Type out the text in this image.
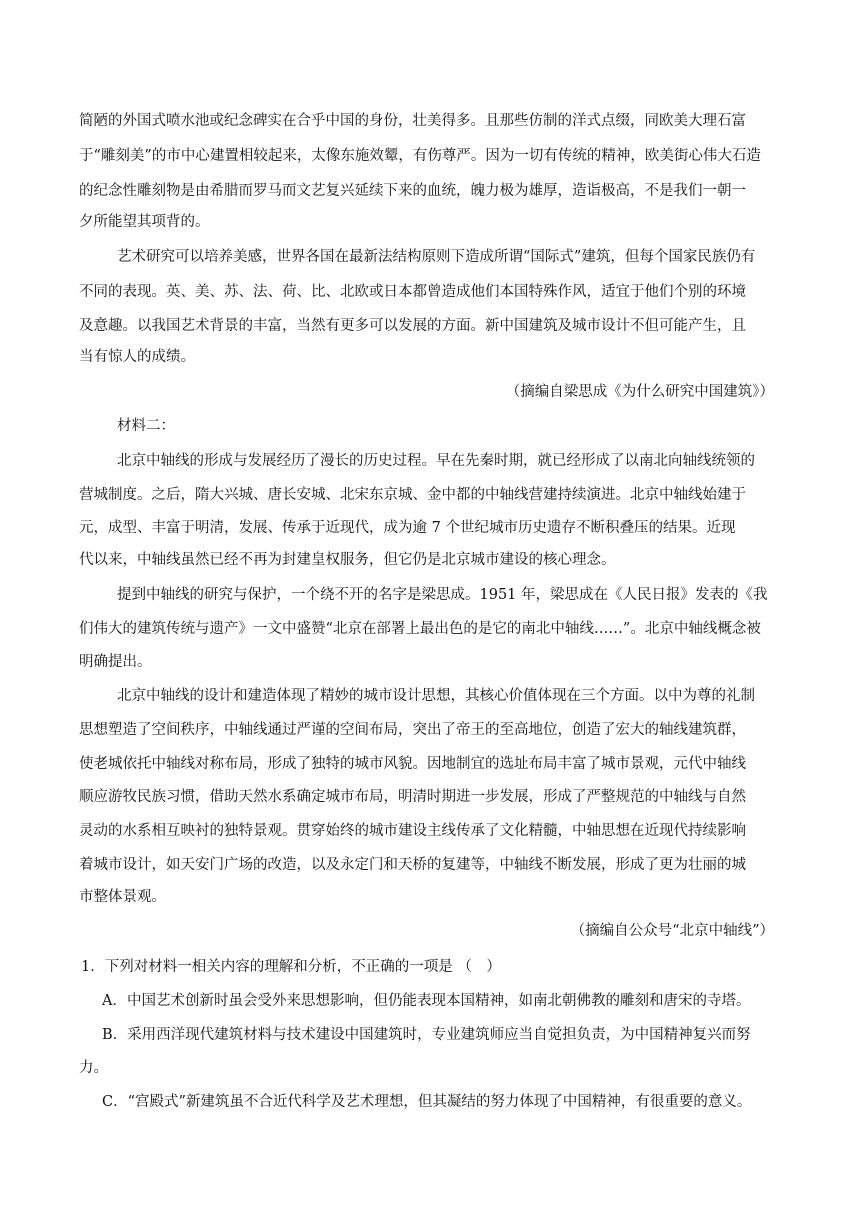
简陋的外国式喷水池或纪念碑实在合乎中国的身份，壮美得多。且那些仿制的洋式点缀，同欧美大理石富
于“雕刻美”的市中心建置相较起来，太像东施效颦，有伤尊严。因为一切有传统的精神，欧美街心伟大石造
的纪念性雕刻物是由希腊而罗马而文艺复兴延续下来的血统，魄力极为雄厚，造诣极高，不是我们一朝一
夕所能望其项背的。
艺术研究可以培养美感，世界各国在最新法结构原则下造成所谓“国际式”建筑，但每个国家民族仍有
不同的表现。英、美、苏、法、荷、比、北欧或日本都曾造成他们本国特殊作风，适宜于他们个别的环境
及意趣。以我国艺术背景的丰富，当然有更多可以发展的方面。新中国建筑及城市设计不但可能产生，且
当有惊人的成绩。
（摘编自梁思成《为什么研究中国建筑》）
材料二：
北京中轴线的形成与发展经历了漫长的历史过程。早在先秦时期，就已经形成了以南北向轴线统领的
营城制度。之后，隋大兴城、唐长安城、北宋东京城、金中都的中轴线营建持续演进。北京中轴线始建于
元，成型、丰富于明清，发展、传承于近现代，成为逾 7 个世纪城市历史遗存不断积叠压的结果。近现
代以来，中轴线虽然已经不再为封建皇权服务，但它仍是北京城市建设的核心理念。
提到中轴线的研究与保护，一个绕不开的名字是梁思成。1951 年，梁思成在《人民日报》发表的《我
们伟大的建筑传统与遗产》一文中盛赞“北京在部署上最出色的是它的南北中轴线……”。北京中轴线概念被
明确提出。
北京中轴线的设计和建造体现了精妙的城市设计思想，其核心价值体现在三个方面。以中为尊的礼制
思想塑造了空间秩序，中轴线通过严谨的空间布局，突出了帝王的至高地位，创造了宏大的轴线建筑群，
使老城依托中轴线对称布局，形成了独特的城市风貌。因地制宜的选址布局丰富了城市景观，元代中轴线
顺应游牧民族习惯，借助天然水系确定城市布局，明清时期进一步发展，形成了严整规范的中轴线与自然
灵动的水系相互映衬的独特景观。贯穿始终的城市建设主线传承了文化精髓，中轴思想在近现代持续影响
着城市设计，如天安门广场的改造，以及永定门和天桥的复建等，中轴线不断发展，形成了更为壮丽的城
市整体景观。
（摘编自公众号“北京中轴线”）
1．下列对材料一相关内容的理解和分析，不正确的一项是 （　）
A．中国艺术创新时虽会受外来思想影响，但仍能表现本国精神，如南北朝佛教的雕刻和唐宋的寺塔。
B．采用西洋现代建筑材料与技术建设中国建筑时，专业建筑师应当自觉担负责，为中国精神复兴而努
力。
C．“宫殿式”新建筑虽不合近代科学及艺术理想，但其凝结的努力体现了中国精神，有很重要的意义。
